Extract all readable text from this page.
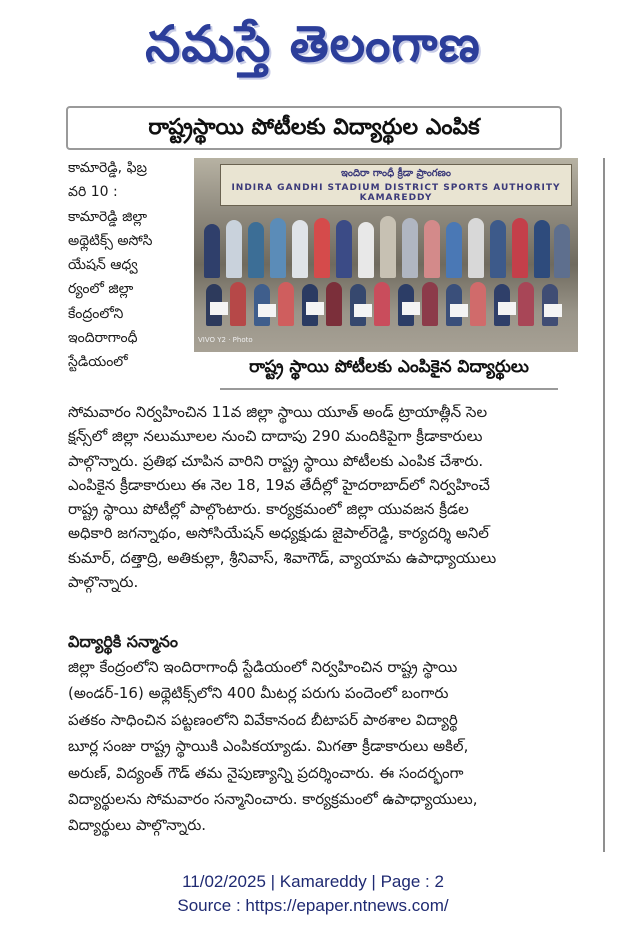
నమస్తే తెలంగాణ
రాష్ట్రస్థాయి పోటీలకు విద్యార్థుల ఎంపిక
కామారెడ్డి, ఫిబ్ర
వరి 10 :
కామారెడ్డి జిల్లా
అథ్లెటిక్స్ అసోసి
యేషన్ ఆధ్వ
ర్యంలో జిల్లా
కేంద్రంలోని
ఇందిరాగాంధీ
స్టేడియంలో
ఇందిరా గాంధీ క్రీడా ప్రాంగణం
INDIRA GANDHI STADIUM DISTRICT SPORTS AUTHORITY KAMAREDDY
VIVO Y2 · Photo
రాష్ట్ర స్థాయి పోటీలకు ఎంపికైన విద్యార్థులు
సోమవారం నిర్వహించిన 11వ జిల్లా స్థాయి యూత్ అండ్ ట్రాయాత్లీన్ సెల
క్షన్స్‌లో జిల్లా నలుమూలల నుంచి దాదాపు 290 మందికిపైగా క్రీడాకారులు
పాల్గొన్నారు. ప్రతిభ చూపిన వారిని రాష్ట్ర స్థాయి పోటీలకు ఎంపిక చేశారు.
ఎంపికైన క్రీడాకారులు ఈ నెల 18, 19వ తేదీల్లో హైదరాబాద్‌లో నిర్వహించే
రాష్ట్ర స్థాయి పోటీల్లో పాల్గొంటారు. కార్యక్రమంలో జిల్లా యువజన క్రీడల
అధికారి జగన్నాథం, అసోసియేషన్ అధ్యక్షుడు జైపాల్‌రెడ్డి, కార్యదర్శి అనిల్
కుమార్, దత్తాద్రి, అతికుల్లా, శ్రీనివాస్, శివాగౌడ్, వ్యాయామ ఉపాధ్యాయులు
పాల్గొన్నారు.
విద్యార్థికి సన్మానం
జిల్లా కేంద్రంలోని ఇందిరాగాంధీ స్టేడియంలో నిర్వహించిన రాష్ట్ర స్థాయి
(అండర్-16) అథ్లెటిక్స్‌లోని 400 మీటర్ల పరుగు పందెంలో బంగారు
పతకం సాధించిన పట్టణంలోని వివేకానంద బీటాపర్ పాఠశాల విద్యార్థి
బూర్ల సంజు రాష్ట్ర స్థాయికి ఎంపికయ్యాడు. మిగతా క్రీడాకారులు అకిల్,
అరుణ్, విద్యంత్ గౌడ్ తమ నైపుణ్యాన్ని ప్రదర్శించారు. ఈ సందర్భంగా
విద్యార్థులను సోమవారం సన్మానించారు. కార్యక్రమంలో ఉపాధ్యాయులు,
విద్యార్థులు పాల్గొన్నారు.
11/02/2025 | Kamareddy | Page : 2
Source : https://epaper.ntnews.com/
